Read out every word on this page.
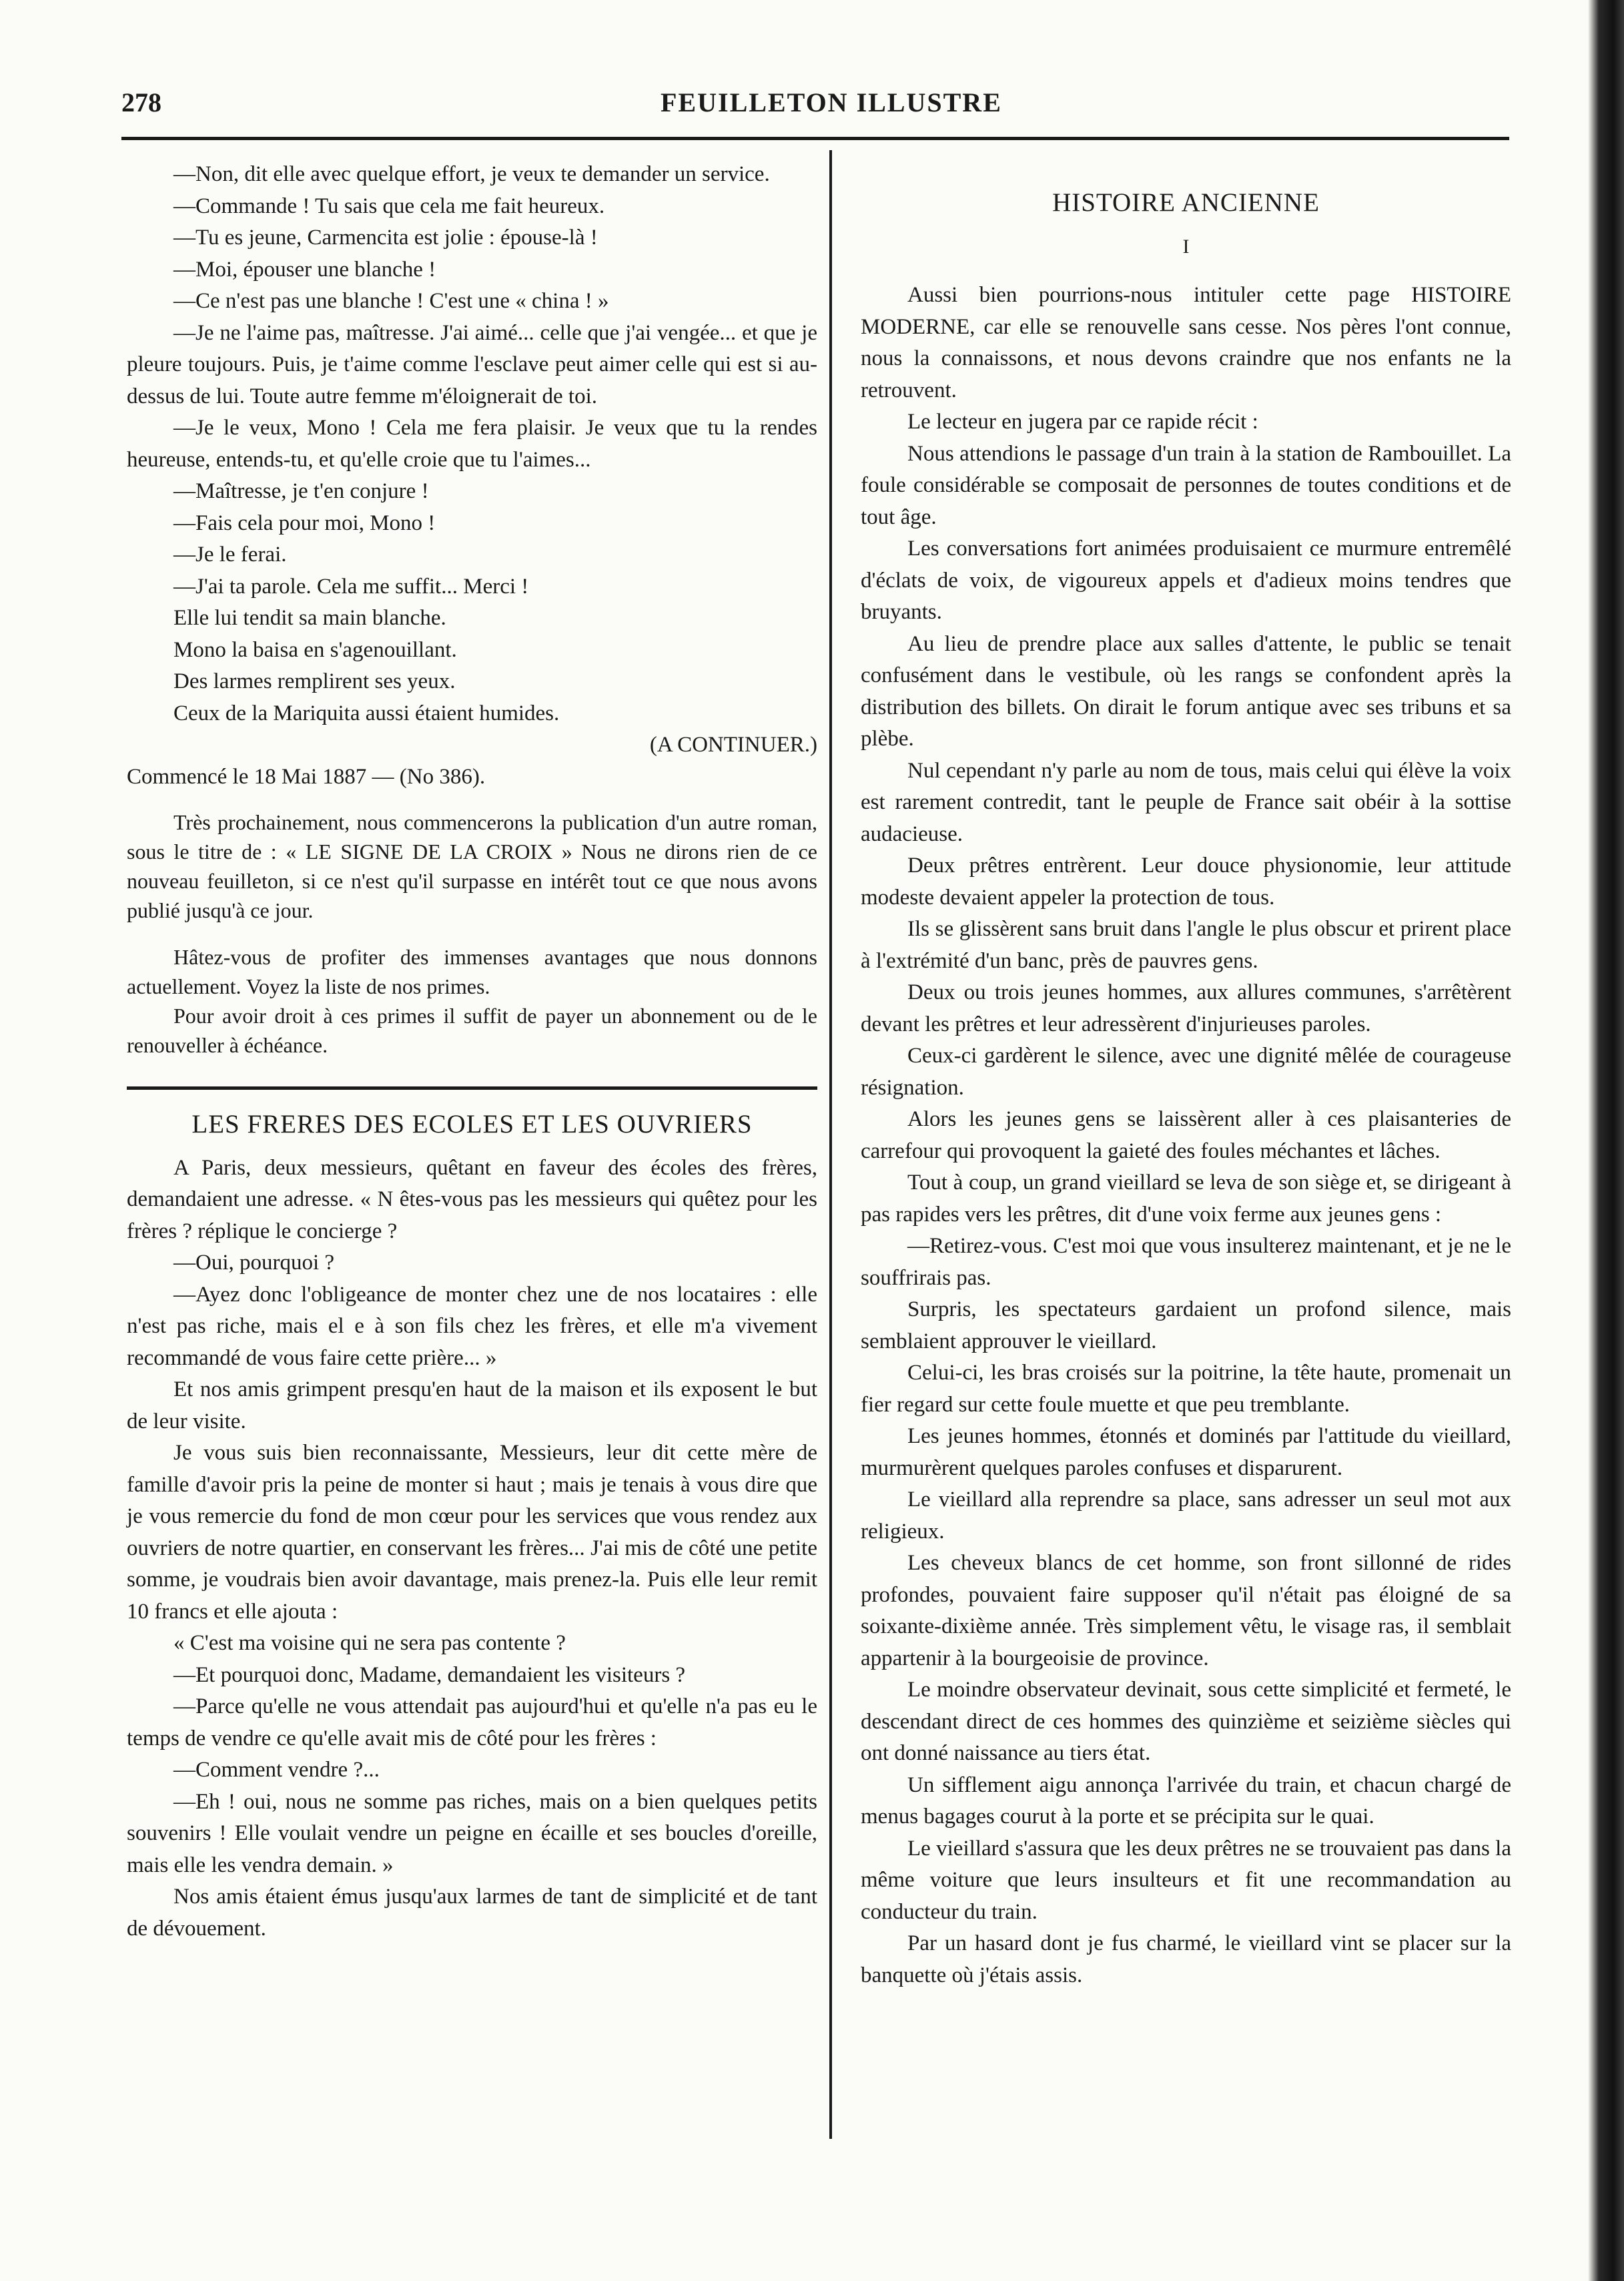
278	FEUILLETON ILLUSTRE

—Non, dit elle avec quelque effort, je veux te demander un service.

—Commande ! Tu sais que cela me fait heureux.

—Tu es jeune, Carmencita est jolie : épouse-là !

—Moi, épouser une blanche !

—Ce n'est pas une blanche ! C'est une « china ! »

—Je ne l'aime pas, maîtresse. J'ai aimé... celle que j'ai vengée... et que je pleure toujours. Puis, je t'aime comme l'esclave peut aimer celle qui est si au-dessus de lui. Toute autre femme m'éloignerait de toi.

—Je le veux, Mono ! Cela me fera plaisir. Je veux que tu la rendes heureuse, entends-tu, et qu'elle croie que tu l'aimes...

—Maîtresse, je t'en conjure !

—Fais cela pour moi, Mono !

—Je le ferai.

—J'ai ta parole. Cela me suffit... Merci !

Elle lui tendit sa main blanche.

Mono la baisa en s'agenouillant.

Des larmes remplirent ses yeux.

Ceux de la Mariquita aussi étaient humides.

(A CONTINUER.)

Commencé le 18 Mai 1887 — (No 386).

Très prochainement, nous commencerons la publication d'un autre roman, sous le titre de : « LE SIGNE DE LA CROIX » Nous ne dirons rien de ce nouveau feuilleton, si ce n'est qu'il surpasse en intérêt tout ce que nous avons publié jusqu'à ce jour.

Hâtez-vous de profiter des immenses avantages que nous donnons actuellement. Voyez la liste de nos primes.

Pour avoir droit à ces primes il suffit de payer un abonnement ou de le renouveller à échéance.

LES FRERES DES ECOLES ET LES OUVRIERS

A Paris, deux messieurs, quêtant en faveur des écoles des frères, demandaient une adresse. « N êtes-vous pas les messieurs qui quêtez pour les frères ? réplique le concierge ?

—Oui, pourquoi ?

—Ayez donc l'obligeance de monter chez une de nos locataires : elle n'est pas riche, mais el e à son fils chez les frères, et elle m'a vivement recommandé de vous faire cette prière... »

Et nos amis grimpent presqu'en haut de la maison et ils exposent le but de leur visite.

Je vous suis bien reconnaissante, Messieurs, leur dit cette mère de famille d'avoir pris la peine de monter si haut ; mais je tenais à vous dire que je vous remercie du fond de mon cœur pour les services que vous rendez aux ouvriers de notre quartier, en conservant les frères... J'ai mis de côté une petite somme, je voudrais bien avoir davantage, mais prenez-la. Puis elle leur remit 10 francs et elle ajouta :

« C'est ma voisine qui ne sera pas contente ?

—Et pourquoi donc, Madame, demandaient les visiteurs ?

—Parce qu'elle ne vous attendait pas aujourd'hui et qu'elle n'a pas eu le temps de vendre ce qu'elle avait mis de côté pour les frères :

—Comment vendre ?...

—Eh ! oui, nous ne somme pas riches, mais on a bien quelques petits souvenirs ! Elle voulait vendre un peigne en écaille et ses boucles d'oreille, mais elle les vendra demain. »

Nos amis étaient émus jusqu'aux larmes de tant de simplicité et de tant de dévouement.

HISTOIRE ANCIENNE

I

Aussi bien pourrions-nous intituler cette page HISTOIRE MODERNE, car elle se renouvelle sans cesse. Nos pères l'ont connue, nous la connaissons, et nous devons craindre que nos enfants ne la retrouvent.

Le lecteur en jugera par ce rapide récit :

Nous attendions le passage d'un train à la station de Rambouillet. La foule considérable se composait de personnes de toutes conditions et de tout âge.

Les conversations fort animées produisaient ce murmure entremêlé d'éclats de voix, de vigoureux appels et d'adieux moins tendres que bruyants.

Au lieu de prendre place aux salles d'attente, le public se tenait confusément dans le vestibule, où les rangs se confondent après la distribution des billets. On dirait le forum antique avec ses tribuns et sa plèbe.

Nul cependant n'y parle au nom de tous, mais celui qui élève la voix est rarement contredit, tant le peuple de France sait obéir à la sottise audacieuse.

Deux prêtres entrèrent. Leur douce physionomie, leur attitude modeste devaient appeler la protection de tous.

Ils se glissèrent sans bruit dans l'angle le plus obscur et prirent place à l'extrémité d'un banc, près de pauvres gens.

Deux ou trois jeunes hommes, aux allures communes, s'arrêtèrent devant les prêtres et leur adressèrent d'injurieuses paroles.

Ceux-ci gardèrent le silence, avec une dignité mêlée de courageuse résignation.

Alors les jeunes gens se laissèrent aller à ces plaisanteries de carrefour qui provoquent la gaieté des foules méchantes et lâches.

Tout à coup, un grand vieillard se leva de son siège et, se dirigeant à pas rapides vers les prêtres, dit d'une voix ferme aux jeunes gens :

—Retirez-vous. C'est moi que vous insulterez maintenant, et je ne le souffrirais pas.

Surpris, les spectateurs gardaient un profond silence, mais semblaient approuver le vieillard.

Celui-ci, les bras croisés sur la poitrine, la tête haute, promenait un fier regard sur cette foule muette et que peu tremblante.

Les jeunes hommes, étonnés et dominés par l'attitude du vieillard, murmurèrent quelques paroles confuses et disparurent.

Le vieillard alla reprendre sa place, sans adresser un seul mot aux religieux.

Les cheveux blancs de cet homme, son front sillonné de rides profondes, pouvaient faire supposer qu'il n'était pas éloigné de sa soixante-dixième année. Très simplement vêtu, le visage ras, il semblait appartenir à la bourgeoisie de province.

Le moindre observateur devinait, sous cette simplicité et fermeté, le descendant direct de ces hommes des quinzième et seizième siècles qui ont donné naissance au tiers état.

Un sifflement aigu annonça l'arrivée du train, et chacun chargé de menus bagages courut à la porte et se précipita sur le quai.

Le vieillard s'assura que les deux prêtres ne se trouvaient pas dans la même voiture que leurs insulteurs et fit une recommandation au conducteur du train.

Par un hasard dont je fus charmé, le vieillard vint se placer sur la banquette où j'étais assis.
